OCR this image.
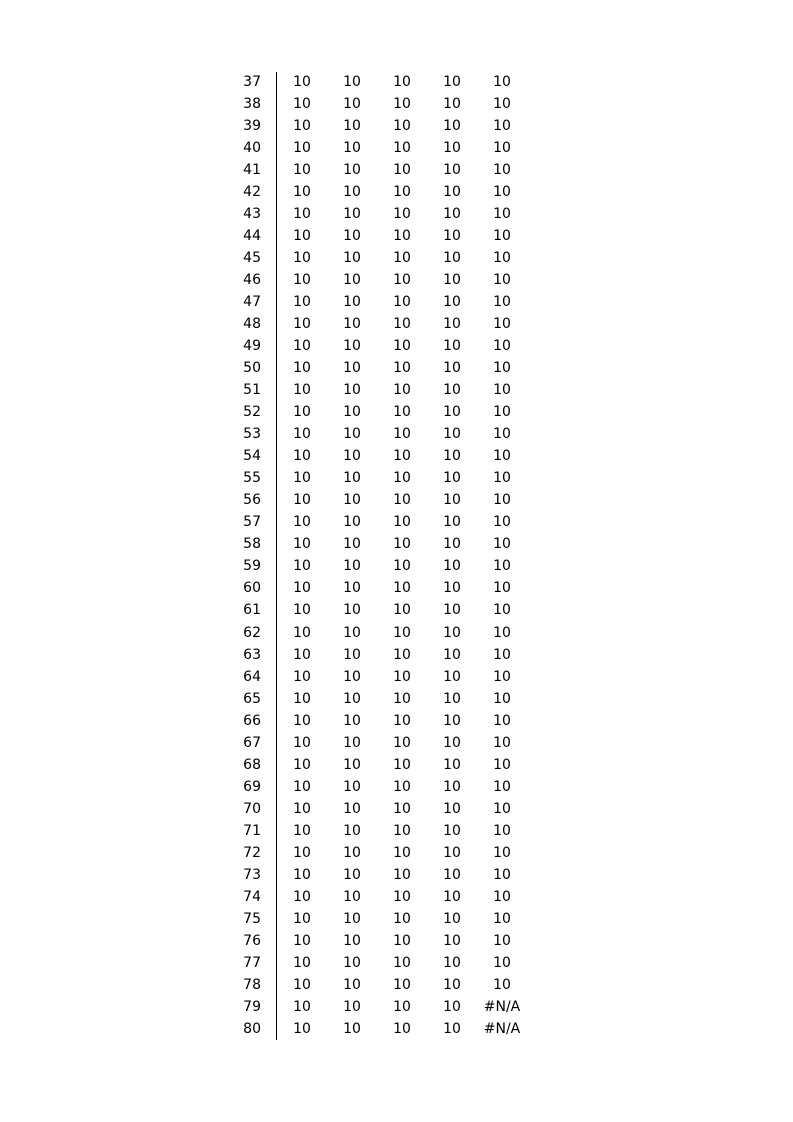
37	10	10	10	10	10
38	10	10	10	10	10
39	10	10	10	10	10
40	10	10	10	10	10
41	10	10	10	10	10
42	10	10	10	10	10
43	10	10	10	10	10
44	10	10	10	10	10
45	10	10	10	10	10
46	10	10	10	10	10
47	10	10	10	10	10
48	10	10	10	10	10
49	10	10	10	10	10
50	10	10	10	10	10
51	10	10	10	10	10
52	10	10	10	10	10
53	10	10	10	10	10
54	10	10	10	10	10
55	10	10	10	10	10
56	10	10	10	10	10
57	10	10	10	10	10
58	10	10	10	10	10
59	10	10	10	10	10
60	10	10	10	10	10
61	10	10	10	10	10
62	10	10	10	10	10
63	10	10	10	10	10
64	10	10	10	10	10
65	10	10	10	10	10
66	10	10	10	10	10
67	10	10	10	10	10
68	10	10	10	10	10
69	10	10	10	10	10
70	10	10	10	10	10
71	10	10	10	10	10
72	10	10	10	10	10
73	10	10	10	10	10
74	10	10	10	10	10
75	10	10	10	10	10
76	10	10	10	10	10
77	10	10	10	10	10
78	10	10	10	10	10
79	10	10	10	10	#N/A
80	10	10	10	10	#N/A
